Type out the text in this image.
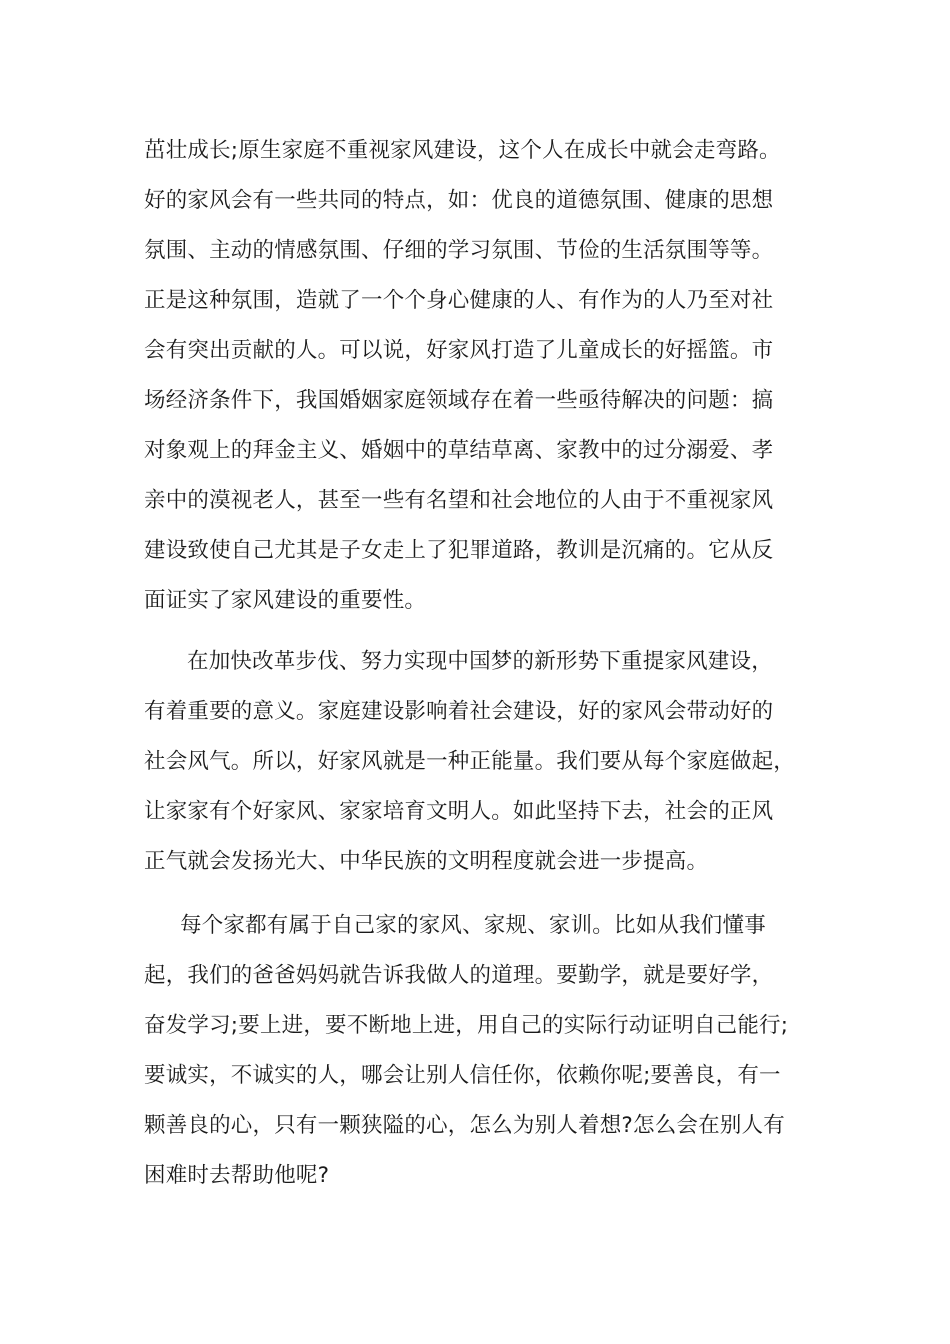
茁壮成长;原生家庭不重视家风建设，这个人在成长中就会走弯路。
好的家风会有一些共同的特点，如：优良的道德氛围、健康的思想
氛围、主动的情感氛围、仔细的学习氛围、节俭的生活氛围等等。
正是这种氛围，造就了一个个身心健康的人、有作为的人乃至对社
会有突出贡献的人。可以说，好家风打造了儿童成长的好摇篮。市
场经济条件下，我国婚姻家庭领域存在着一些亟待解决的问题：搞
对象观上的拜金主义、婚姻中的草结草离、家教中的过分溺爱、孝
亲中的漠视老人，甚至一些有名望和社会地位的人由于不重视家风
建设致使自己尤其是子女走上了犯罪道路，教训是沉痛的。它从反
面证实了家风建设的重要性。
在加快改革步伐、努力实现中国梦的新形势下重提家风建设，
有着重要的意义。家庭建设影响着社会建设，好的家风会带动好的
社会风气。所以，好家风就是一种正能量。我们要从每个家庭做起，
让家家有个好家风、家家培育文明人。如此坚持下去，社会的正风
正气就会发扬光大、中华民族的文明程度就会进一步提高。
每个家都有属于自己家的家风、家规、家训。比如从我们懂事
起，我们的爸爸妈妈就告诉我做人的道理。要勤学，就是要好学，
奋发学习;要上进，要不断地上进，用自己的实际行动证明自己能行;
要诚实，不诚实的人，哪会让别人信任你，依赖你呢;要善良，有一
颗善良的心，只有一颗狭隘的心，怎么为别人着想?怎么会在别人有
困难时去帮助他呢?
